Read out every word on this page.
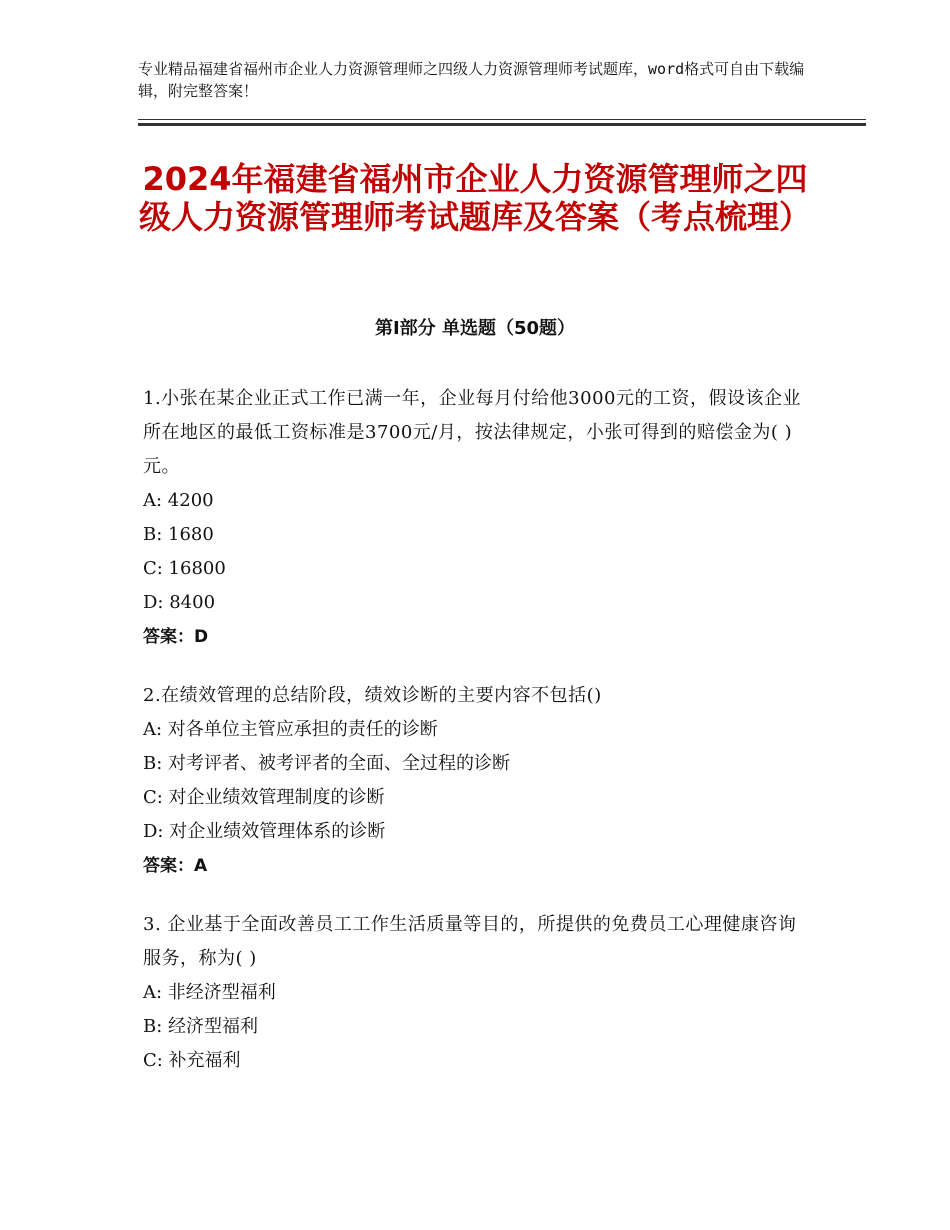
专业精品福建省福州市企业人力资源管理师之四级人力资源管理师考试题库，word格式可自由下载编辑，附完整答案！
2024年福建省福州市企业人力资源管理师之四级人力资源管理师考试题库及答案（考点梳理）
第Ⅰ部分 单选题（50题）

1.小张在某企业正式工作已满一年，企业每月付给他3000元的工资，假设该企业所在地区的最低工资标准是3700元/月，按法律规定，小张可得到的赔偿金为( )元。

A: 4200

B: 1680

C: 16800

D: 8400

答案：D

2.在绩效管理的总结阶段，绩效诊断的主要内容不包括()

A: 对各单位主管应承担的责任的诊断

B: 对考评者、被考评者的全面、全过程的诊断

C: 对企业绩效管理制度的诊断

D: 对企业绩效管理体系的诊断

答案：A

3. 企业基于全面改善员工工作生活质量等目的，所提供的免费员工心理健康咨询服务，称为( )

A: 非经济型福利

B: 经济型福利

C: 补充福利
